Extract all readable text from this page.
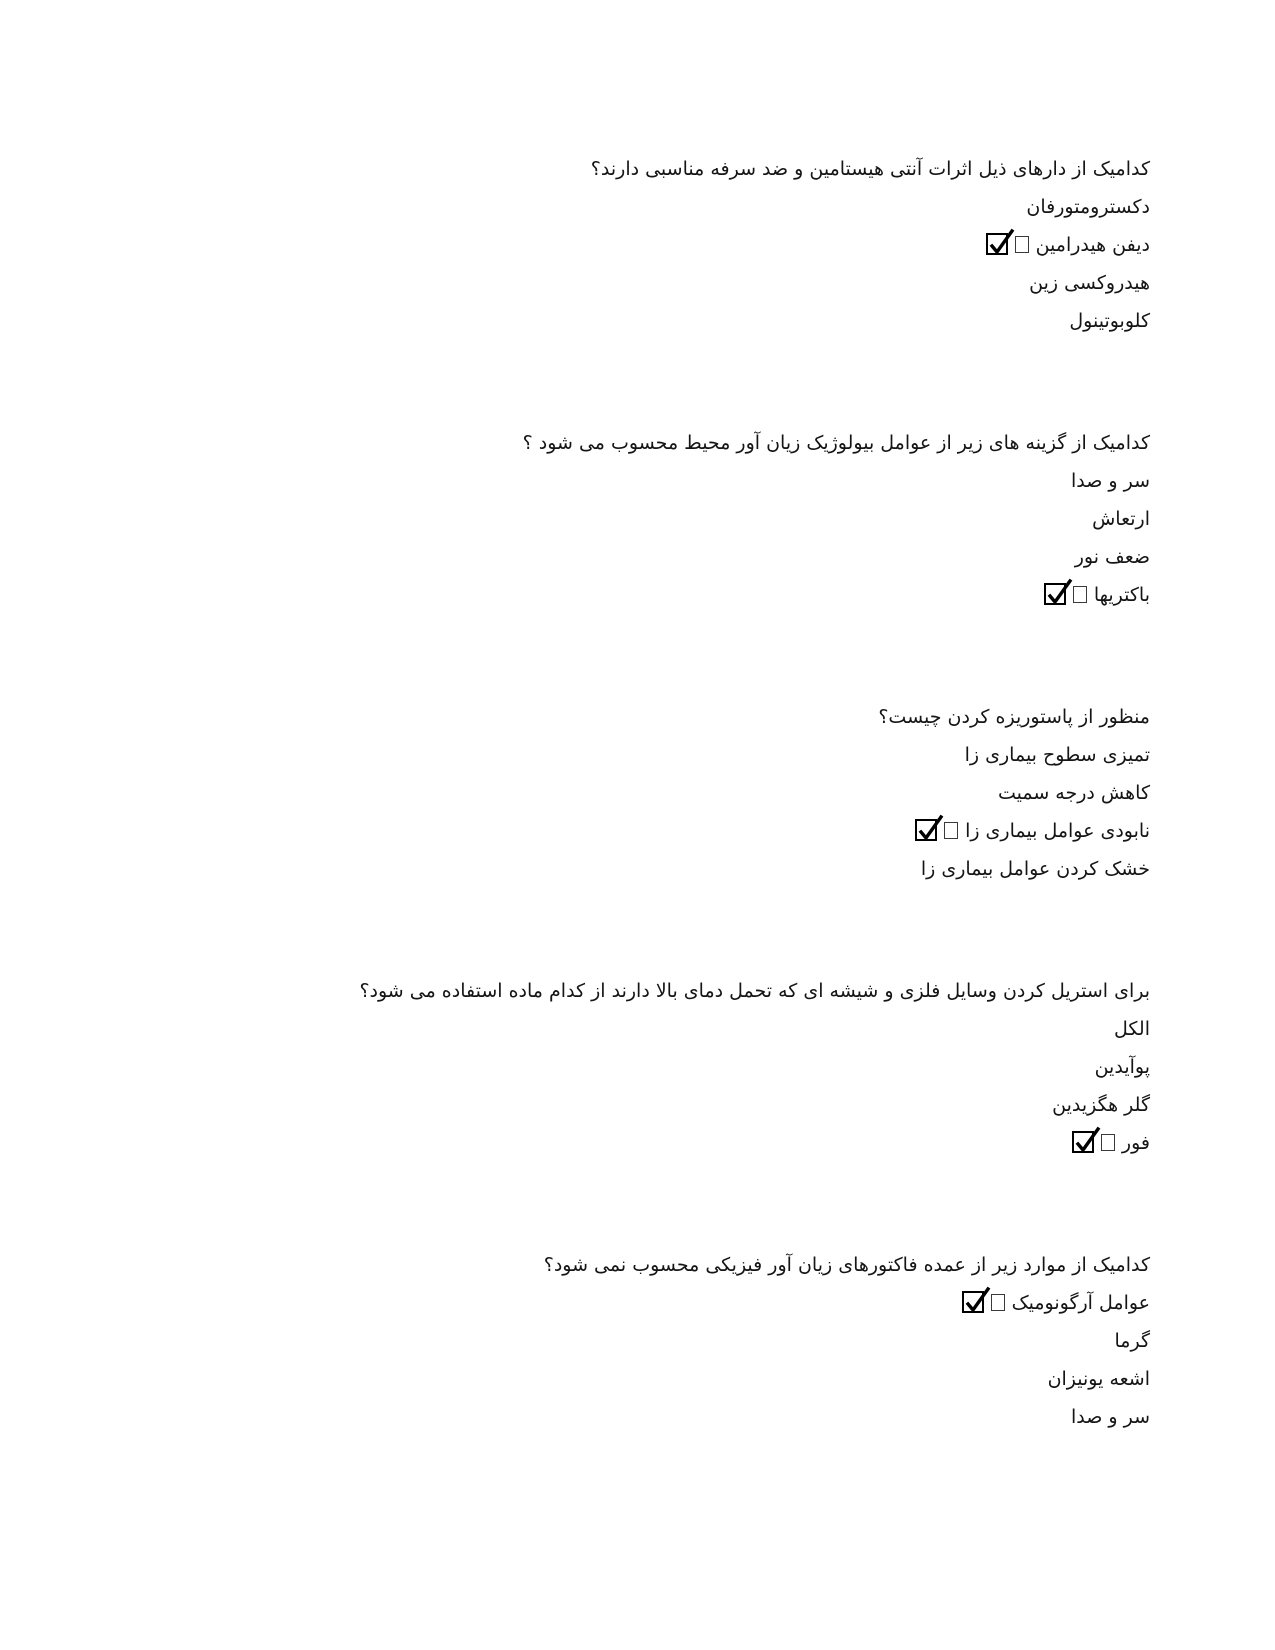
کدامیک از دارهای ذیل اثرات آنتی هیستامین و ضد سرفه مناسبی دارند؟
دکسترومتورفان
دیفن هیدرامین
هیدروکسی زین
کلوبوتینول
کدامیک از گزینه های زیر از عوامل بیولوژیک زیان آور محیط محسوب می شود ؟
سر و صدا
ارتعاش
ضعف نور
باکتریها
منظور از پاستوریزه کردن چیست؟
تمیزی سطوح بیماری زا
کاهش درجه سمیت
نابودی عوامل بیماری زا
خشک کردن عوامل بیماری زا
برای استریل کردن وسایل فلزی و شیشه ای که تحمل دمای بالا دارند از کدام ماده استفاده می شود؟
الکل
پوآیدین
گلر هگزیدین
فور
کدامیک از موارد زیر از عمده فاکتورهای زیان آور فیزیکی محسوب نمی شود؟
عوامل آرگونومیک
گرما
اشعه یونیزان
سر و صدا
